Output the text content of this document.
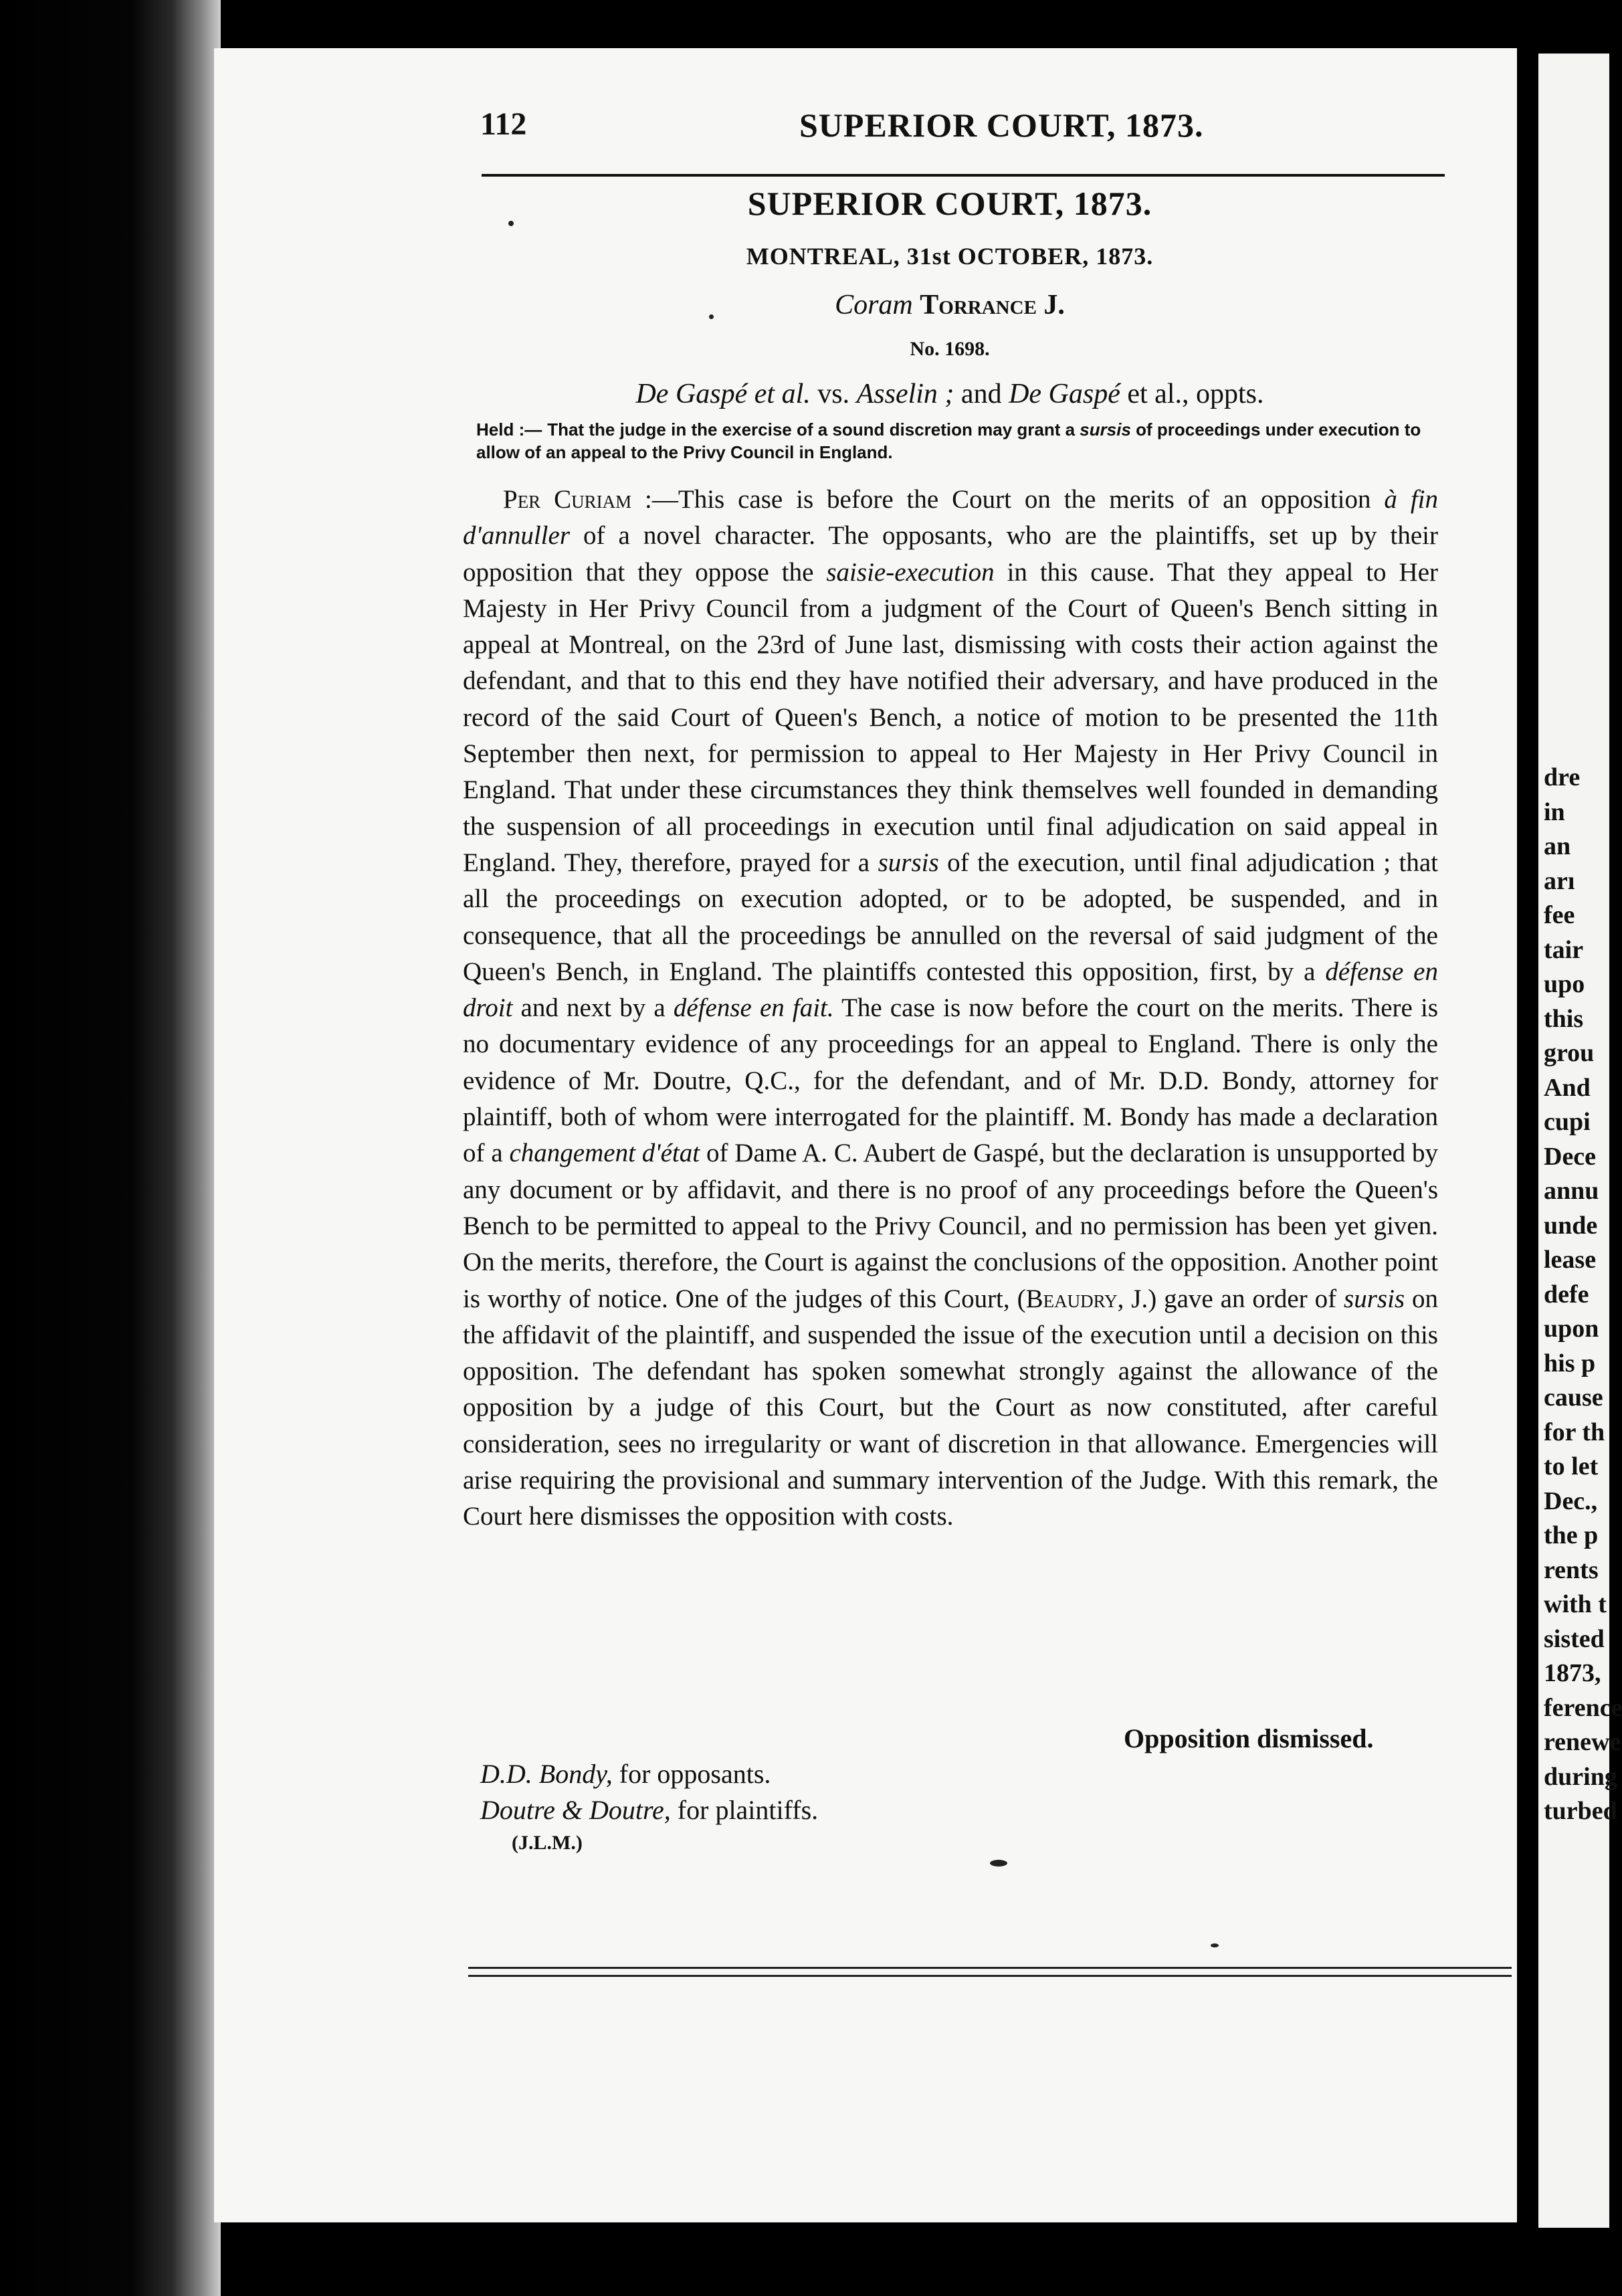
dre
in
an
arı
fee
tair
upo
this
grou
And
cupi
Dece
annu
unde
lease
defe
upon
his p
cause
for th
to let
Dec.,
the p
rents
with t
sisted
1873,
ference
renewe
during
turbed
112	SUPERIOR COURT, 1873.
SUPERIOR COURT, 1873.
MONTREAL, 31st OCTOBER, 1873.
Coram Torrance J.
No. 1698.
De Gaspé et al. vs. Asselin ; and De Gaspé et al., oppts.
Held :— That the judge in the exercise of a sound discretion may grant a sursis of proceedings under execution to allow of an appeal to the Privy Council in England.

Per Curiam :—This case is before the Court on the merits of an opposition à fin d'annuller of a novel character. The opposants, who are the plaintiffs, set up by their opposition that they oppose the saisie-execution in this cause. That they appeal to Her Majesty in Her Privy Council from a judgment of the Court of Queen's Bench sitting in appeal at Montreal, on the 23rd of June last, dismissing with costs their action against the defendant, and that to this end they have notified their adversary, and have produced in the record of the said Court of Queen's Bench, a notice of motion to be presented the 11th September then next, for permission to appeal to Her Majesty in Her Privy Council in England. That under these circumstances they think themselves well founded in demanding the suspension of all proceedings in execution until final adjudication on said appeal in England. They, therefore, prayed for a sursis of the execution, until final adjudication ; that all the proceedings on execution adopted, or to be adopted, be suspended, and in consequence, that all the proceedings be annulled on the reversal of said judgment of the Queen's Bench, in England. The plaintiffs contested this opposition, first, by a défense en droit and next by a défense en fait. The case is now before the court on the merits. There is no documentary evidence of any proceedings for an appeal to England. There is only the evidence of Mr. Doutre, Q.C., for the defendant, and of Mr. D.D. Bondy, attorney for plaintiff, both of whom were interrogated for the plaintiff. M. Bondy has made a declaration of a changement d'état of Dame A. C. Aubert de Gaspé, but the declaration is unsupported by any document or by affidavit, and there is no proof of any proceedings before the Queen's Bench to be permitted to appeal to the Privy Council, and no permission has been yet given. On the merits, therefore, the Court is against the conclusions of the opposition. Another point is worthy of notice. One of the judges of this Court, (Beaudry, J.) gave an order of sursis on the affidavit of the plaintiff, and suspended the issue of the execution until a decision on this opposition. The defendant has spoken somewhat strongly against the allowance of the opposition by a judge of this Court, but the Court as now constituted, after careful consideration, sees no irregularity or want of discretion in that allowance. Emergencies will arise requiring the provisional and summary intervention of the Judge. With this remark, the Court here dismisses the opposition with costs.

Opposition dismissed.
D.D. Bondy, for opposants.
Doutre & Doutre, for plaintiffs.
(J.L.M.)
